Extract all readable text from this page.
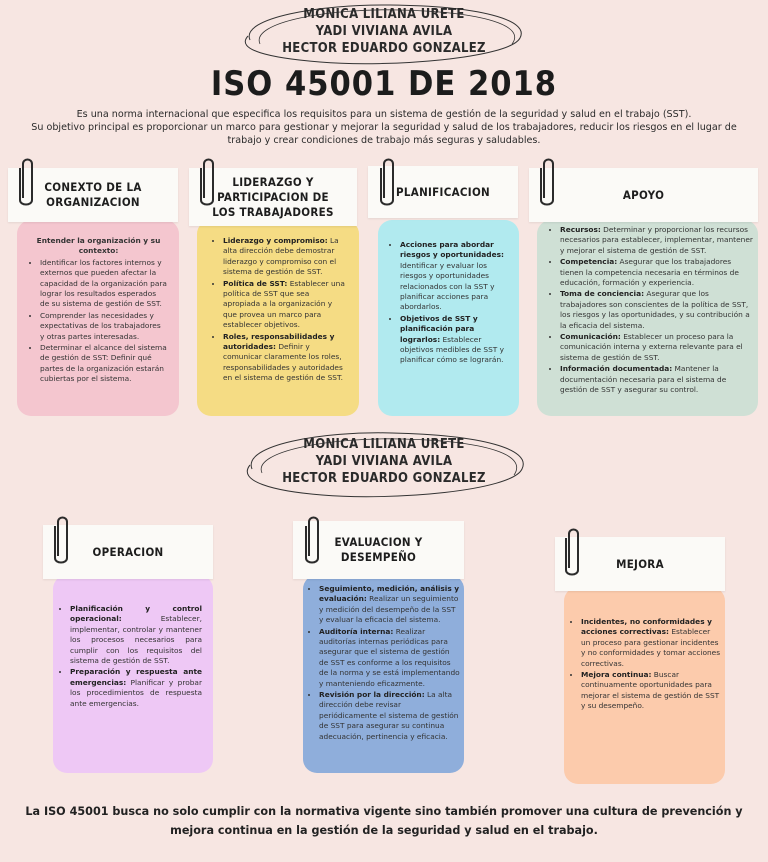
MONICA LILIANA URETE
YADI VIVIANA AVILA
HECTOR EDUARDO GONZALEZ
ISO 45001 DE 2018

Es una norma internacional que especifica los requisitos para un sistema de gestión de la seguridad y salud en el trabajo (SST).

Su objetivo principal es proporcionar un marco para gestionar y mejorar la seguridad y salud de los trabajadores, reducir los riesgos en el lugar de trabajo y crear condiciones de trabajo más seguras y saludables.

CONEXTO DE LA ORGANIZACION
Entender la organización y su contexto:
• Identificar los factores internos y externos que pueden afectar la capacidad de la organización para lograr los resultados esperados de su sistema de gestión de SST.
• Comprender las necesidades y expectativas de los trabajadores y otras partes interesadas.
• Determinar el alcance del sistema de gestión de SST: Definir qué partes de la organización estarán cubiertas por el sistema.
LIDERAZGO Y PARTICIPACION DE LOS TRABAJADORES
• Liderazgo y compromiso: La alta dirección debe demostrar liderazgo y compromiso con el sistema de gestión de SST.
• Política de SST: Establecer una política de SST que sea apropiada a la organización y que provea un marco para establecer objetivos.
• Roles, responsabilidades y autoridades: Definir y comunicar claramente los roles, responsabilidades y autoridades en el sistema de gestión de SST.
PLANIFICACION
• Acciones para abordar riesgos y oportunidades: Identificar y evaluar los riesgos y oportunidades relacionados con la SST y planificar acciones para abordarlos.
• Objetivos de SST y planificación para lograrlos: Establecer objetivos medibles de SST y planificar cómo se lograrán.
APOYO
• Recursos: Determinar y proporcionar los recursos necesarios para establecer, implementar, mantener y mejorar el sistema de gestión de SST.
• Competencia: Asegurar que los trabajadores tienen la competencia necesaria en términos de educación, formación y experiencia.
• Toma de conciencia: Asegurar que los trabajadores son conscientes de la política de SST, los riesgos y las oportunidades, y su contribución a la eficacia del sistema.
• Comunicación: Establecer un proceso para la comunicación interna y externa relevante para el sistema de gestión de SST.
• Información documentada: Mantener la documentación necesaria para el sistema de gestión de SST y asegurar su control.
MONICA LILIANA URETE
YADI VIVIANA AVILA
HECTOR EDUARDO GONZALEZ
OPERACION
• Planificación y control operacional: Establecer, implementar, controlar y mantener los procesos necesarios para cumplir con los requisitos del sistema de gestión de SST.
• Preparación y respuesta ante emergencias: Planificar y probar los procedimientos de respuesta ante emergencias.
EVALUACION Y DESEMPEÑO
• Seguimiento, medición, análisis y evaluación: Realizar un seguimiento y medición del desempeño de la SST y evaluar la eficacia del sistema.
• Auditoría interna: Realizar auditorías internas periódicas para asegurar que el sistema de gestión de SST es conforme a los requisitos de la norma y se está implementando y manteniendo eficazmente.
• Revisión por la dirección: La alta dirección debe revisar periódicamente el sistema de gestión de SST para asegurar su continua adecuación, pertinencia y eficacia.
MEJORA
• Incidentes, no conformidades y acciones correctivas: Establecer un proceso para gestionar incidentes y no conformidades y tomar acciones correctivas.
• Mejora continua: Buscar continuamente oportunidades para mejorar el sistema de gestión de SST y su desempeño.
La ISO 45001 busca no solo cumplir con la normativa vigente sino también promover una cultura de prevención y mejora continua en la gestión de la seguridad y salud en el trabajo.
